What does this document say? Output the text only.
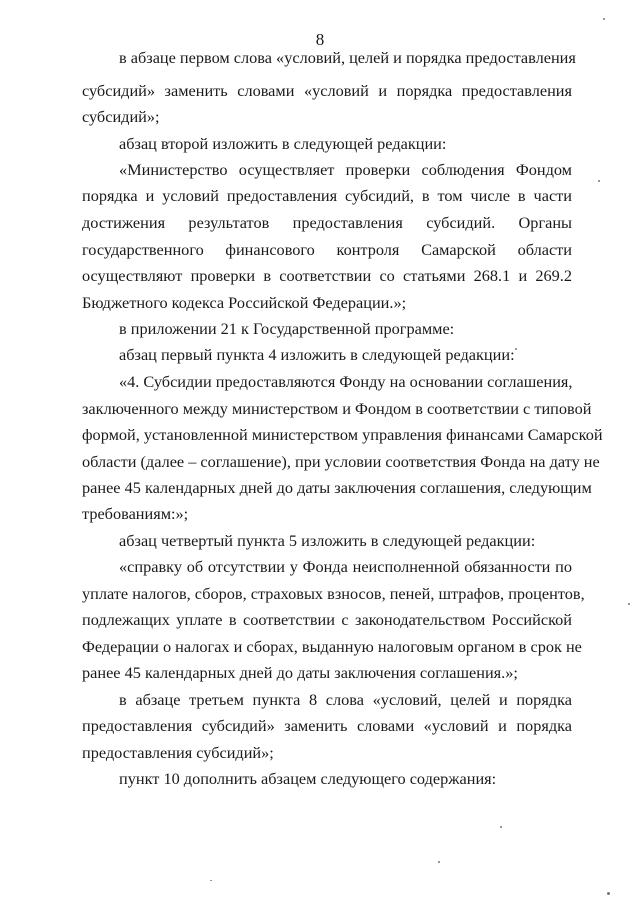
8
в абзаце первом слова «условий, целей и порядка предоставления
субсидий» заменить словами «условий и порядка предоставления
субсидий»;
абзац второй изложить в следующей редакции:
«Министерство осуществляет проверки соблюдения Фондом
порядка и условий предоставления субсидий, в том числе в части
достижения результатов предоставления субсидий. Органы
государственного финансового контроля Самарской области
осуществляют проверки в соответствии со статьями 268.1 и 269.2
Бюджетного кодекса Российской Федерации.»;
в приложении 21 к Государственной программе:
абзац первый пункта 4 изложить в следующей редакции:
«4. Субсидии предоставляются Фонду на основании соглашения,
заключенного между министерством и Фондом в соответствии с типовой
формой, установленной министерством управления финансами Самарской
области (далее – соглашение), при условии соответствия Фонда на дату не
ранее 45 календарных дней до даты заключения соглашения, следующим
требованиям:»;
абзац четвертый пункта 5 изложить в следующей редакции:
«справку об отсутствии у Фонда неисполненной обязанности по
уплате налогов, сборов, страховых взносов, пеней, штрафов, процентов,
подлежащих уплате в соответствии с законодательством Российской
Федерации о налогах и сборах, выданную налоговым органом в срок не
ранее 45 календарных дней до даты заключения соглашения.»;
в абзаце третьем пункта 8 слова «условий, целей и порядка
предоставления субсидий» заменить словами «условий и порядка
предоставления субсидий»;
пункт 10 дополнить абзацем следующего содержания:
